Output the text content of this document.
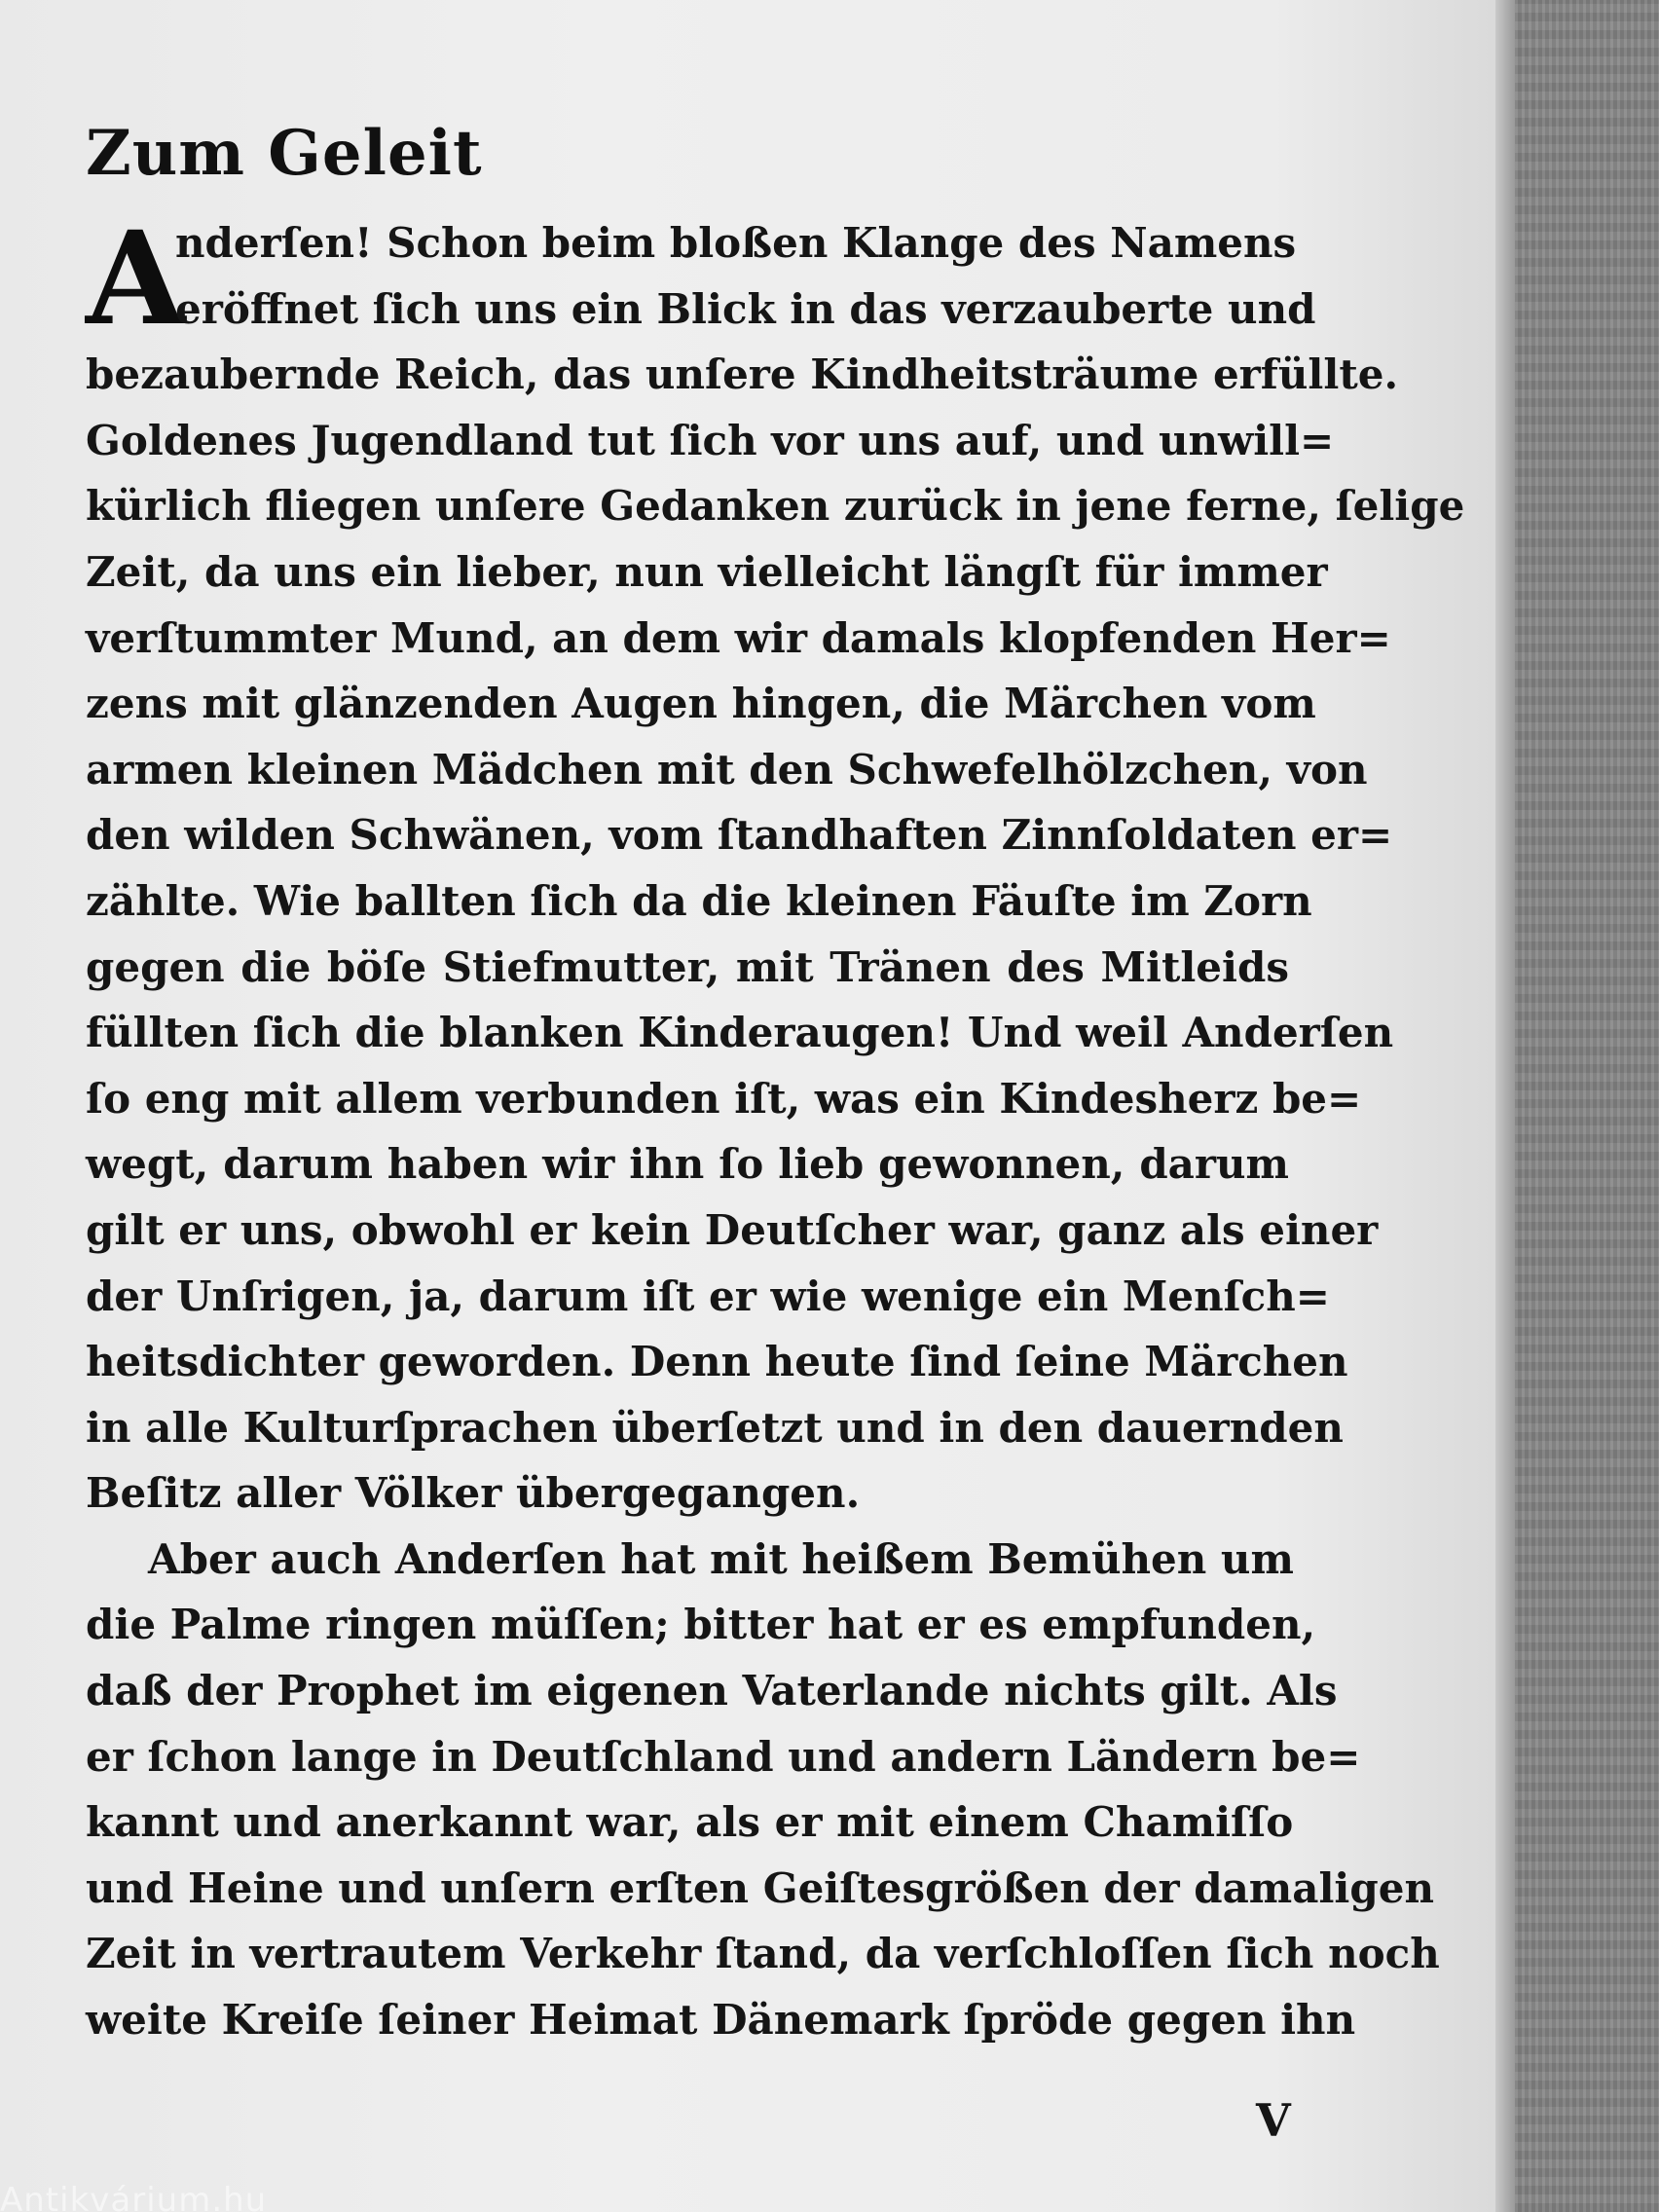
Zum Geleit
A
nderſen! Schon beim bloßen Klange des Namens
eröffnet ſich uns ein Blick in das verzauberte und
bezaubernde Reich, das unſere Kindheitsträume erfüllte.
Goldenes Jugendland tut ſich vor uns auf, und unwill=
kürlich fliegen unſere Gedanken zurück in jene ferne, ſelige
Zeit, da uns ein lieber, nun vielleicht längſt für immer
verſtummter Mund, an dem wir damals klopfenden Her=
zens mit glänzenden Augen hingen, die Märchen vom
armen kleinen Mädchen mit den Schwefelhölzchen, von
den wilden Schwänen, vom ſtandhaften Zinnſoldaten er=
zählte. Wie ballten ſich da die kleinen Fäuſte im Zorn
gegen die böſe Stiefmutter, mit Tränen des Mitleids
füllten ſich die blanken Kinderaugen! Und weil Anderſen
ſo eng mit allem verbunden iſt, was ein Kindesherz be=
wegt, darum haben wir ihn ſo lieb gewonnen, darum
gilt er uns, obwohl er kein Deutſcher war, ganz als einer
der Unſrigen, ja, darum iſt er wie wenige ein Menſch=
heitsdichter geworden. Denn heute ſind ſeine Märchen
in alle Kulturſprachen überſetzt und in den dauernden
Beſitz aller Völker übergegangen.
Aber auch Anderſen hat mit heißem Bemühen um
die Palme ringen müſſen; bitter hat er es empfunden,
daß der Prophet im eigenen Vaterlande nichts gilt. Als
er ſchon lange in Deutſchland und andern Ländern be=
kannt und anerkannt war, als er mit einem Chamiſſo
und Heine und unſern erſten Geiſtesgrößen der damaligen
Zeit in vertrautem Verkehr ſtand, da verſchloſſen ſich noch
weite Kreiſe ſeiner Heimat Dänemark ſpröde gegen ihn
V
Antikvárium.hu
